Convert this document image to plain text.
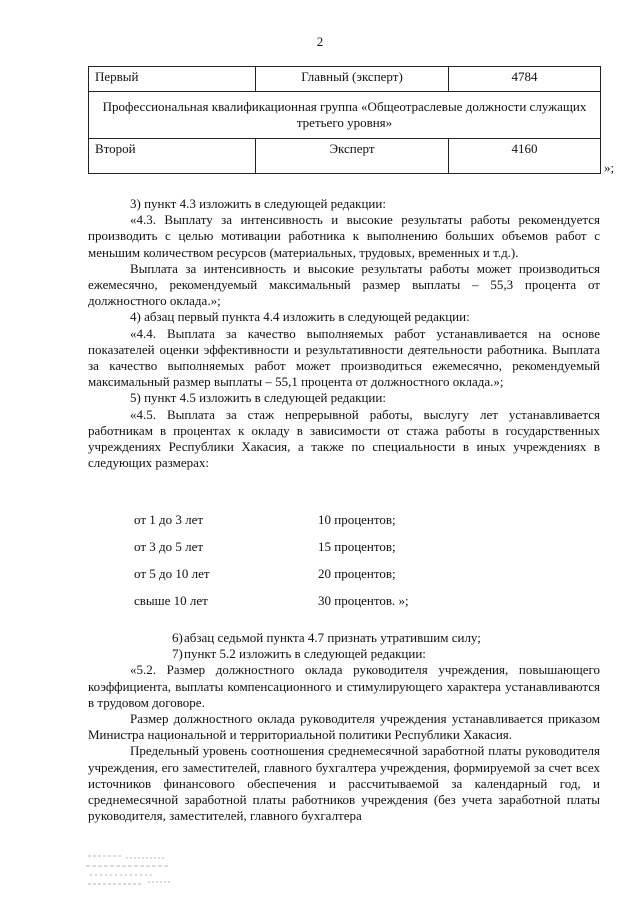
2
Первый	Главный (эксперт)	4784
Профессиональная квалификационная группа «Общеотраслевые должности служащих третьего уровня»		
Второй	Эксперт	4160
»;

3) пункт 4.3 изложить в следующей редакции:

«4.3. Выплату за интенсивность и высокие результаты работы рекомендуется производить с целью мотивации работника к выполнению больших объемов работ с меньшим количеством ресурсов (материальных, трудовых, временных и т.д.).

Выплата за интенсивность и высокие результаты работы может производиться ежемесячно, рекомендуемый максимальный размер выплаты – 55,3 процента от должностного оклада.»;

4) абзац первый пункта 4.4 изложить в следующей редакции:

«4.4. Выплата за качество выполняемых работ устанавливается на основе показателей оценки эффективности и результативности деятельности работника. Выплата за качество выполняемых работ может производиться ежемесячно, рекомендуемый максимальный размер выплаты – 55,1 процента от должностного оклада.»;

5) пункт 4.5 изложить в следующей редакции:

«4.5. Выплата за стаж непрерывной работы, выслугу лет устанавливается работникам в процентах к окладу в зависимости от стажа работы в государственных учреждениях Республики Хакасия, а также по специальности в иных учреждениях в следующих размерах:

от 1 до 3 лет	10 процентов;
от 3 до 5 лет	15 процентов;
от 5 до 10 лет	20 процентов;
свыше 10 лет	30 процентов. »;

6)абзац седьмой пункта 4.7 признать утратившим силу;

7)пункт 5.2 изложить в следующей редакции:

«5.2. Размер должностного оклада руководителя учреждения, повышающего коэффициента, выплаты компенсационного и стимулирующего характера устанавливаются в трудовом договоре.

Размер должностного оклада руководителя учреждения устанавливается приказом Министра национальной и территориальной политики Республики Хакасия.

Предельный уровень соотношения среднемесячной заработной платы руководителя учреждения, его заместителей, главного бухгалтера учреждения, формируемой за счет всех источников финансового обеспечения и рассчитываемой за календарный год, и среднемесячной заработной платы работников учреждения (без учета заработной платы руководителя, заместителей, главного бухгалтера
